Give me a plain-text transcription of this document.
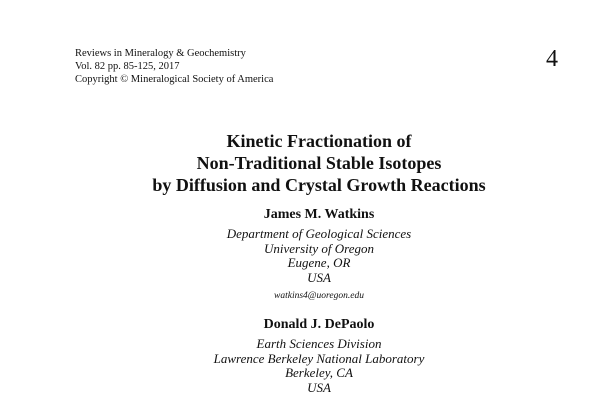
Reviews in Mineralogy & Geochemistry
Vol. 82 pp. 85-125, 2017
Copyright © Mineralogical Society of America
4
Kinetic Fractionation of
Non-Traditional Stable Isotopes
by Diffusion and Crystal Growth Reactions
James M. Watkins
Department of Geological Sciences
University of Oregon
Eugene, OR
USA
watkins4@uoregon.edu
Donald J. DePaolo
Earth Sciences Division
Lawrence Berkeley National Laboratory
Berkeley, CA
USA
